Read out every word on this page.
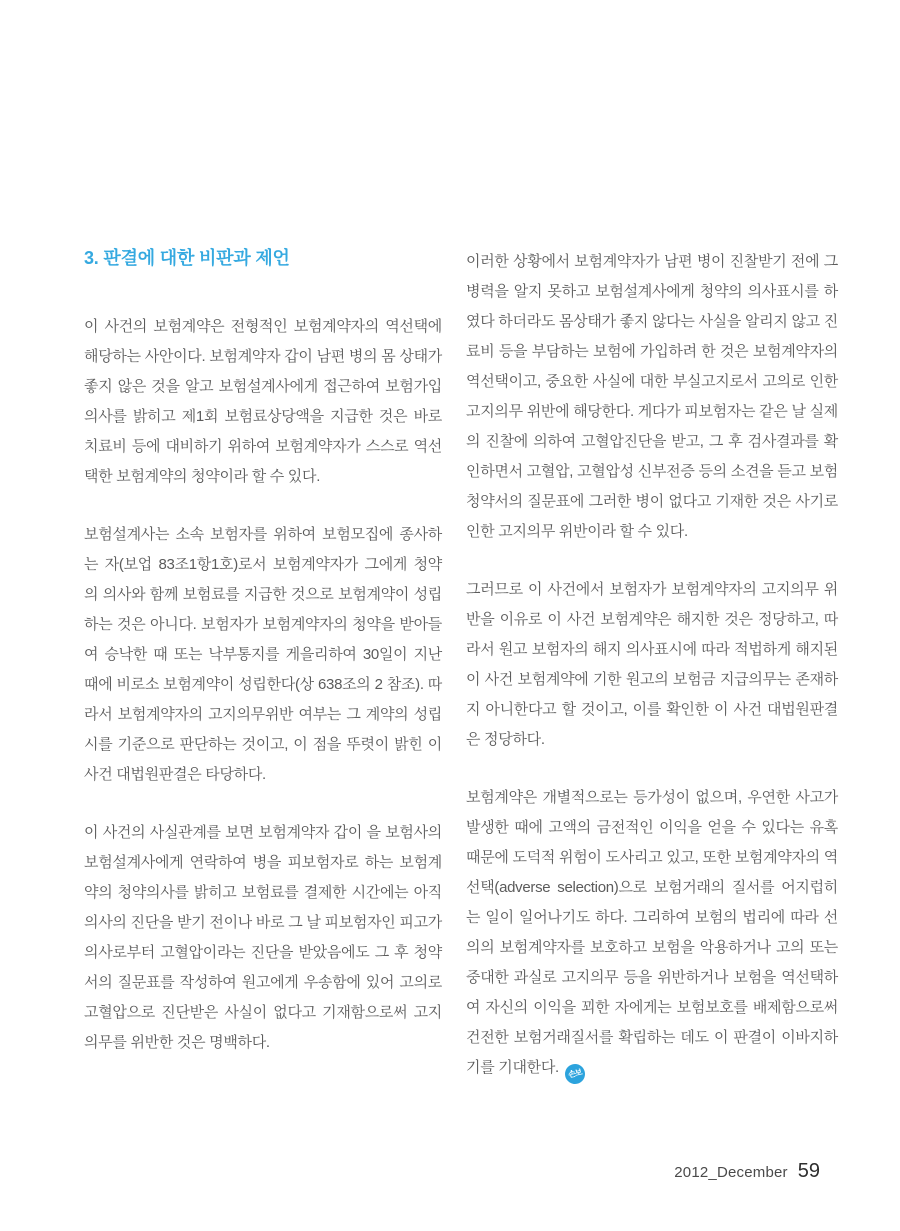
3. 판결에 대한 비판과 제언

이 사건의 보험계약은 전형적인 보험계약자의 역선택에 해당하는 사안이다. 보험계약자 갑이 남편 병의 몸 상태가 좋지 않은 것을 알고 보험설계사에게 접근하여 보험가입 의사를 밝히고 제1회 보험료상당액을 지급한 것은 바로 치료비 등에 대비하기 위하여 보험계약자가 스스로 역선택한 보험계약의 청약이라 할 수 있다.

보험설계사는 소속 보험자를 위하여 보험모집에 종사하는 자(보업 83조1항1호)로서 보험계약자가 그에게 청약의 의사와 함께 보험료를 지급한 것으로 보험계약이 성립하는 것은 아니다. 보험자가 보험계약자의 청약을 받아들여 승낙한 때 또는 낙부통지를 게을리하여 30일이 지난 때에 비로소 보험계약이 성립한다(상 638조의 2 참조). 따라서 보험계약자의 고지의무위반 여부는 그 계약의 성립시를 기준으로 판단하는 것이고, 이 점을 뚜렷이 밝힌 이 사건 대법원판결은 타당하다.

이 사건의 사실관계를 보면 보험계약자 갑이 을 보험사의 보험설계사에게 연락하여 병을 피보험자로 하는 보험계약의 청약의사를 밝히고 보험료를 결제한 시간에는 아직 의사의 진단을 받기 전이나 바로 그 날 피보험자인 피고가 의사로부터 고혈압이라는 진단을 받았음에도 그 후 청약서의 질문표를 작성하여 원고에게 우송함에 있어 고의로 고혈압으로 진단받은 사실이 없다고 기재함으로써 고지의무를 위반한 것은 명백하다.

이러한 상황에서 보험계약자가 남편 병이 진찰받기 전에 그 병력을 알지 못하고 보험설계사에게 청약의 의사표시를 하였다 하더라도 몸상태가 좋지 않다는 사실을 알리지 않고 진료비 등을 부담하는 보험에 가입하려 한 것은 보험계약자의 역선택이고, 중요한 사실에 대한 부실고지로서 고의로 인한 고지의무 위반에 해당한다. 게다가 피보험자는 같은 날 실제의 진찰에 의하여 고혈압진단을 받고, 그 후 검사결과를 확인하면서 고혈압, 고혈압성 신부전증 등의 소견을 듣고 보험청약서의 질문표에 그러한 병이 없다고 기재한 것은 사기로 인한 고지의무 위반이라 할 수 있다.

그러므로 이 사건에서 보험자가 보험계약자의 고지의무 위반을 이유로 이 사건 보험계약은 해지한 것은 정당하고, 따라서 원고 보험자의 해지 의사표시에 따라 적법하게 해지된 이 사건 보험계약에 기한 원고의 보험금 지급의무는 존재하지 아니한다고 할 것이고, 이를 확인한 이 사건 대법원판결은 정당하다.

보험계약은 개별적으로는 등가성이 없으며, 우연한 사고가 발생한 때에 고액의 금전적인 이익을 얻을 수 있다는 유혹 때문에 도덕적 위험이 도사리고 있고, 또한 보험계약자의 역선택(adverse selection)으로 보험거래의 질서를 어지럽히는 일이 일어나기도 하다. 그리하여 보험의 법리에 따라 선의의 보험계약자를 보호하고 보험을 악용하거나 고의 또는 중대한 과실로 고지의무 등을 위반하거나 보험을 역선택하여 자신의 이익을 꾀한 자에게는 보험보호를 배제함으로써 건전한 보험거래질서를 확립하는 데도 이 판결이 이바지하기를 기대한다. 손보

2012_December 59
